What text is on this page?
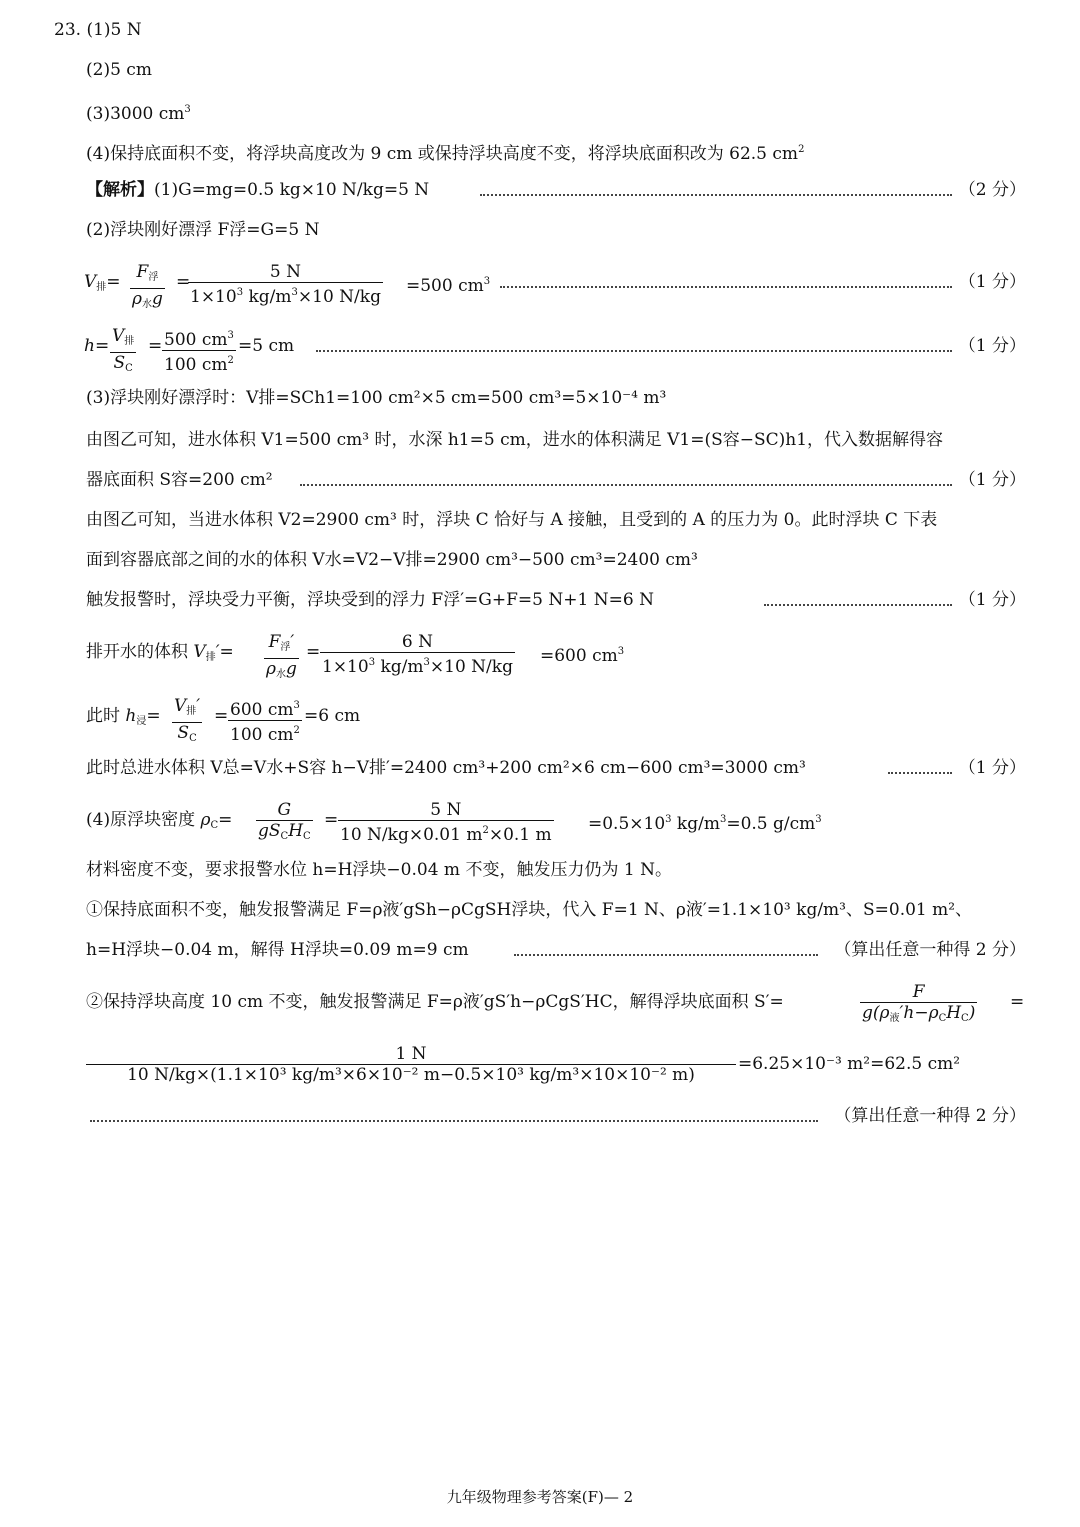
23. (1)5 N
(2)5 cm
(3)3000 $cm^3$
(4)保持底面积不变，将浮块高度改为 9 cm 或保持浮块高度不变，将浮块底面积改为 62.5 $cm^2$
【解析】(1)G=mg=0.5 kg×10 N/kg=5 N	（2 分）
(2)浮块刚好漂浮 F浮=G=5 N
$V_排= F_浮$
$\rho_水g$
=
$\frac{5 N}{1\times 10^3 kg/m^3\times 10 N/kg} =500$ $cm^3$	（1 分）
$h= V_排$
$S_C$
= $\frac{500 cm^3}{100 cm^2} =5$ cm	（1 分）
(3)浮块刚好漂浮时：V排=SCh1=100 cm²×5 cm=500 cm³=5×10⁻⁴ m³
由图乙可知，进水体积 V1=500 cm³ 时，水深 h1=5 cm，进水的体积满足 V1=(S容−SC)h1，代入数据解得容
器底面积 S容=200 cm²	（1 分）
由图乙可知，当进水体积 V2=2900 cm³ 时，浮块 C 恰好与 A 接触，且受到的 A 的压力为 0。此时浮块 C 下表
面到容器底部之间的水的体积 V水=V2−V排=2900 cm³−500 cm³=2400 cm³
触发报警时，浮块受力平衡，浮块受到的浮力 F浮′=G+F=5 N+1 N=6 N	（1 分）
排开水的体积 $V_排'= F_浮'$
$\rho_水g$
= $\frac{6 N}{1\times 10^3 kg/m^3\times 10 N/kg} =600$ $cm^3$
此时 $h_浸= V_排'$
$S_C$
= $\frac{600 cm^3}{100 cm^2} =6$ cm
此时总进水体积 V总=V水+S容 h−V排′=2400 cm³+200 cm²×6 cm−600 cm³=3000 cm³	（1 分）
(4)原浮块密度 $\rho_C=$	G
$gS_CH_C$
= $\frac{5 N}{10 N/kg\times 0.01 m^2\times 0.1 m} =0.5\times 10^3$ $kg/m^3=0.5$ $g/cm^3$
材料密度不变，要求报警水位 h=H浮块−0.04 m 不变，触发压力仍为 1 N。
①保持底面积不变，触发报警满足 F=ρ液′gSh−ρCgSH浮块，代入 F=1 N、ρ液′=1.1×10³ kg/m³、S=0.01 m²、
h=H浮块−0.04 m，解得 H浮块=0.09 m=9 cm	（算出任意一种得 2 分）
②保持浮块高度 10 cm 不变，触发报警满足 F=ρ液′gS′h−ρCgS′HC，解得浮块底面积 S′=	F
$g(\rho_液'h-\rho_CH_C)$
=
$\frac{1 N}{\text{10 N/kg×(1.1×10³ kg/m³×6×10⁻² m−0.5×10³ kg/m³×10×10⁻² m)}} =6.25\times 10^{-3}$ m²=62.5 cm²
（算出任意一种得 2 分）
九年级物理参考答案(F)— 2
